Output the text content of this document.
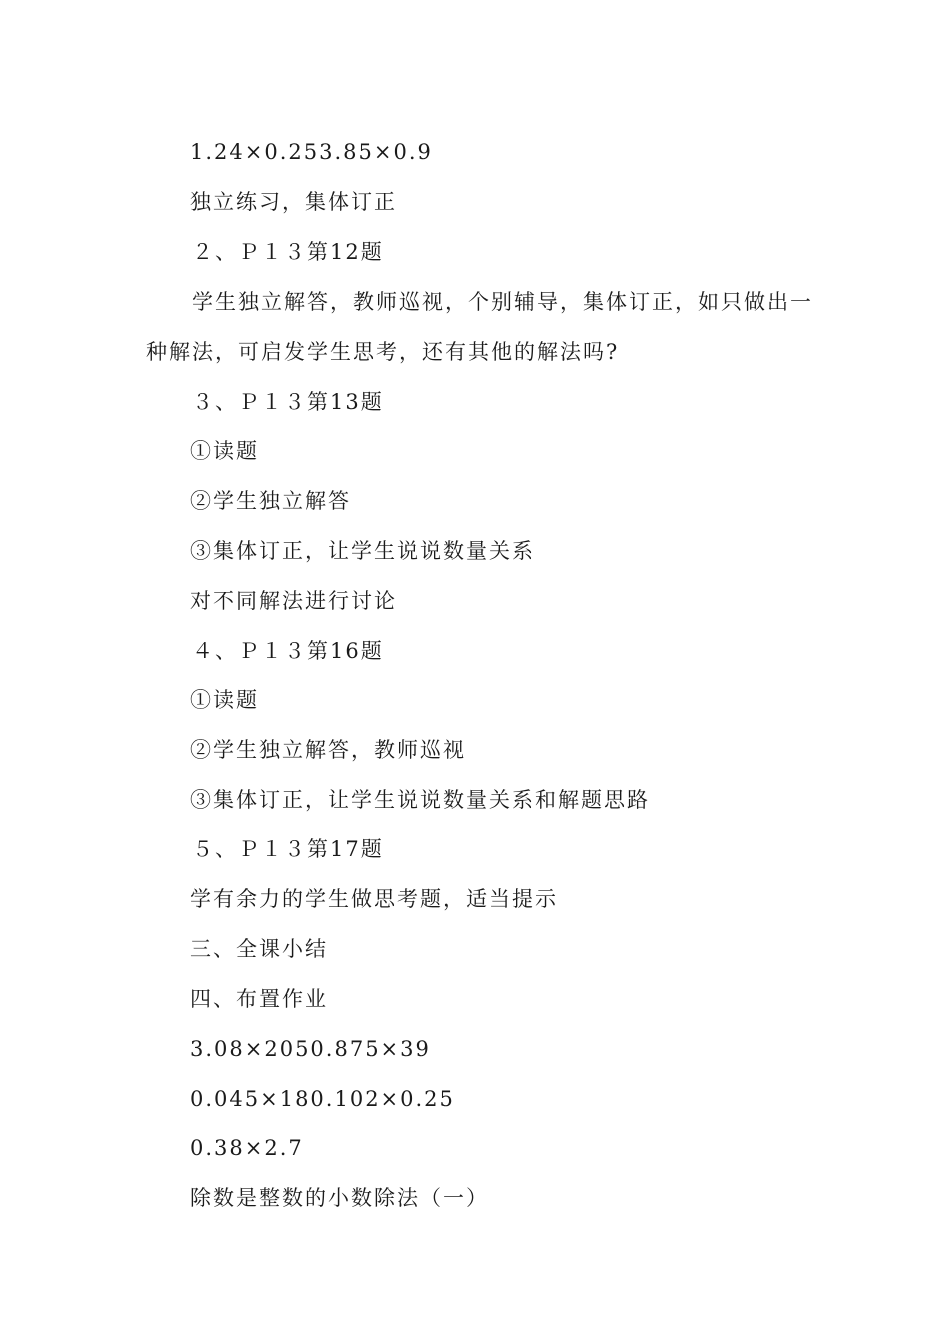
1.24×0.253.85×0.9
独立练习，集体订正
２、Ｐ１３第12题
学生独立解答，教师巡视，个别辅导，集体订正，如只做出一
种解法，可启发学生思考，还有其他的解法吗?
３、Ｐ１３第13题
①读题
②学生独立解答
③集体订正，让学生说说数量关系
对不同解法进行讨论
４、Ｐ１３第16题
①读题
②学生独立解答，教师巡视
③集体订正，让学生说说数量关系和解题思路
５、Ｐ１３第17题
学有余力的学生做思考题，适当提示
三、全课小结
四、布置作业
3.08×2050.875×39
0.045×180.102×0.25
0.38×2.7
除数是整数的小数除法（一）
